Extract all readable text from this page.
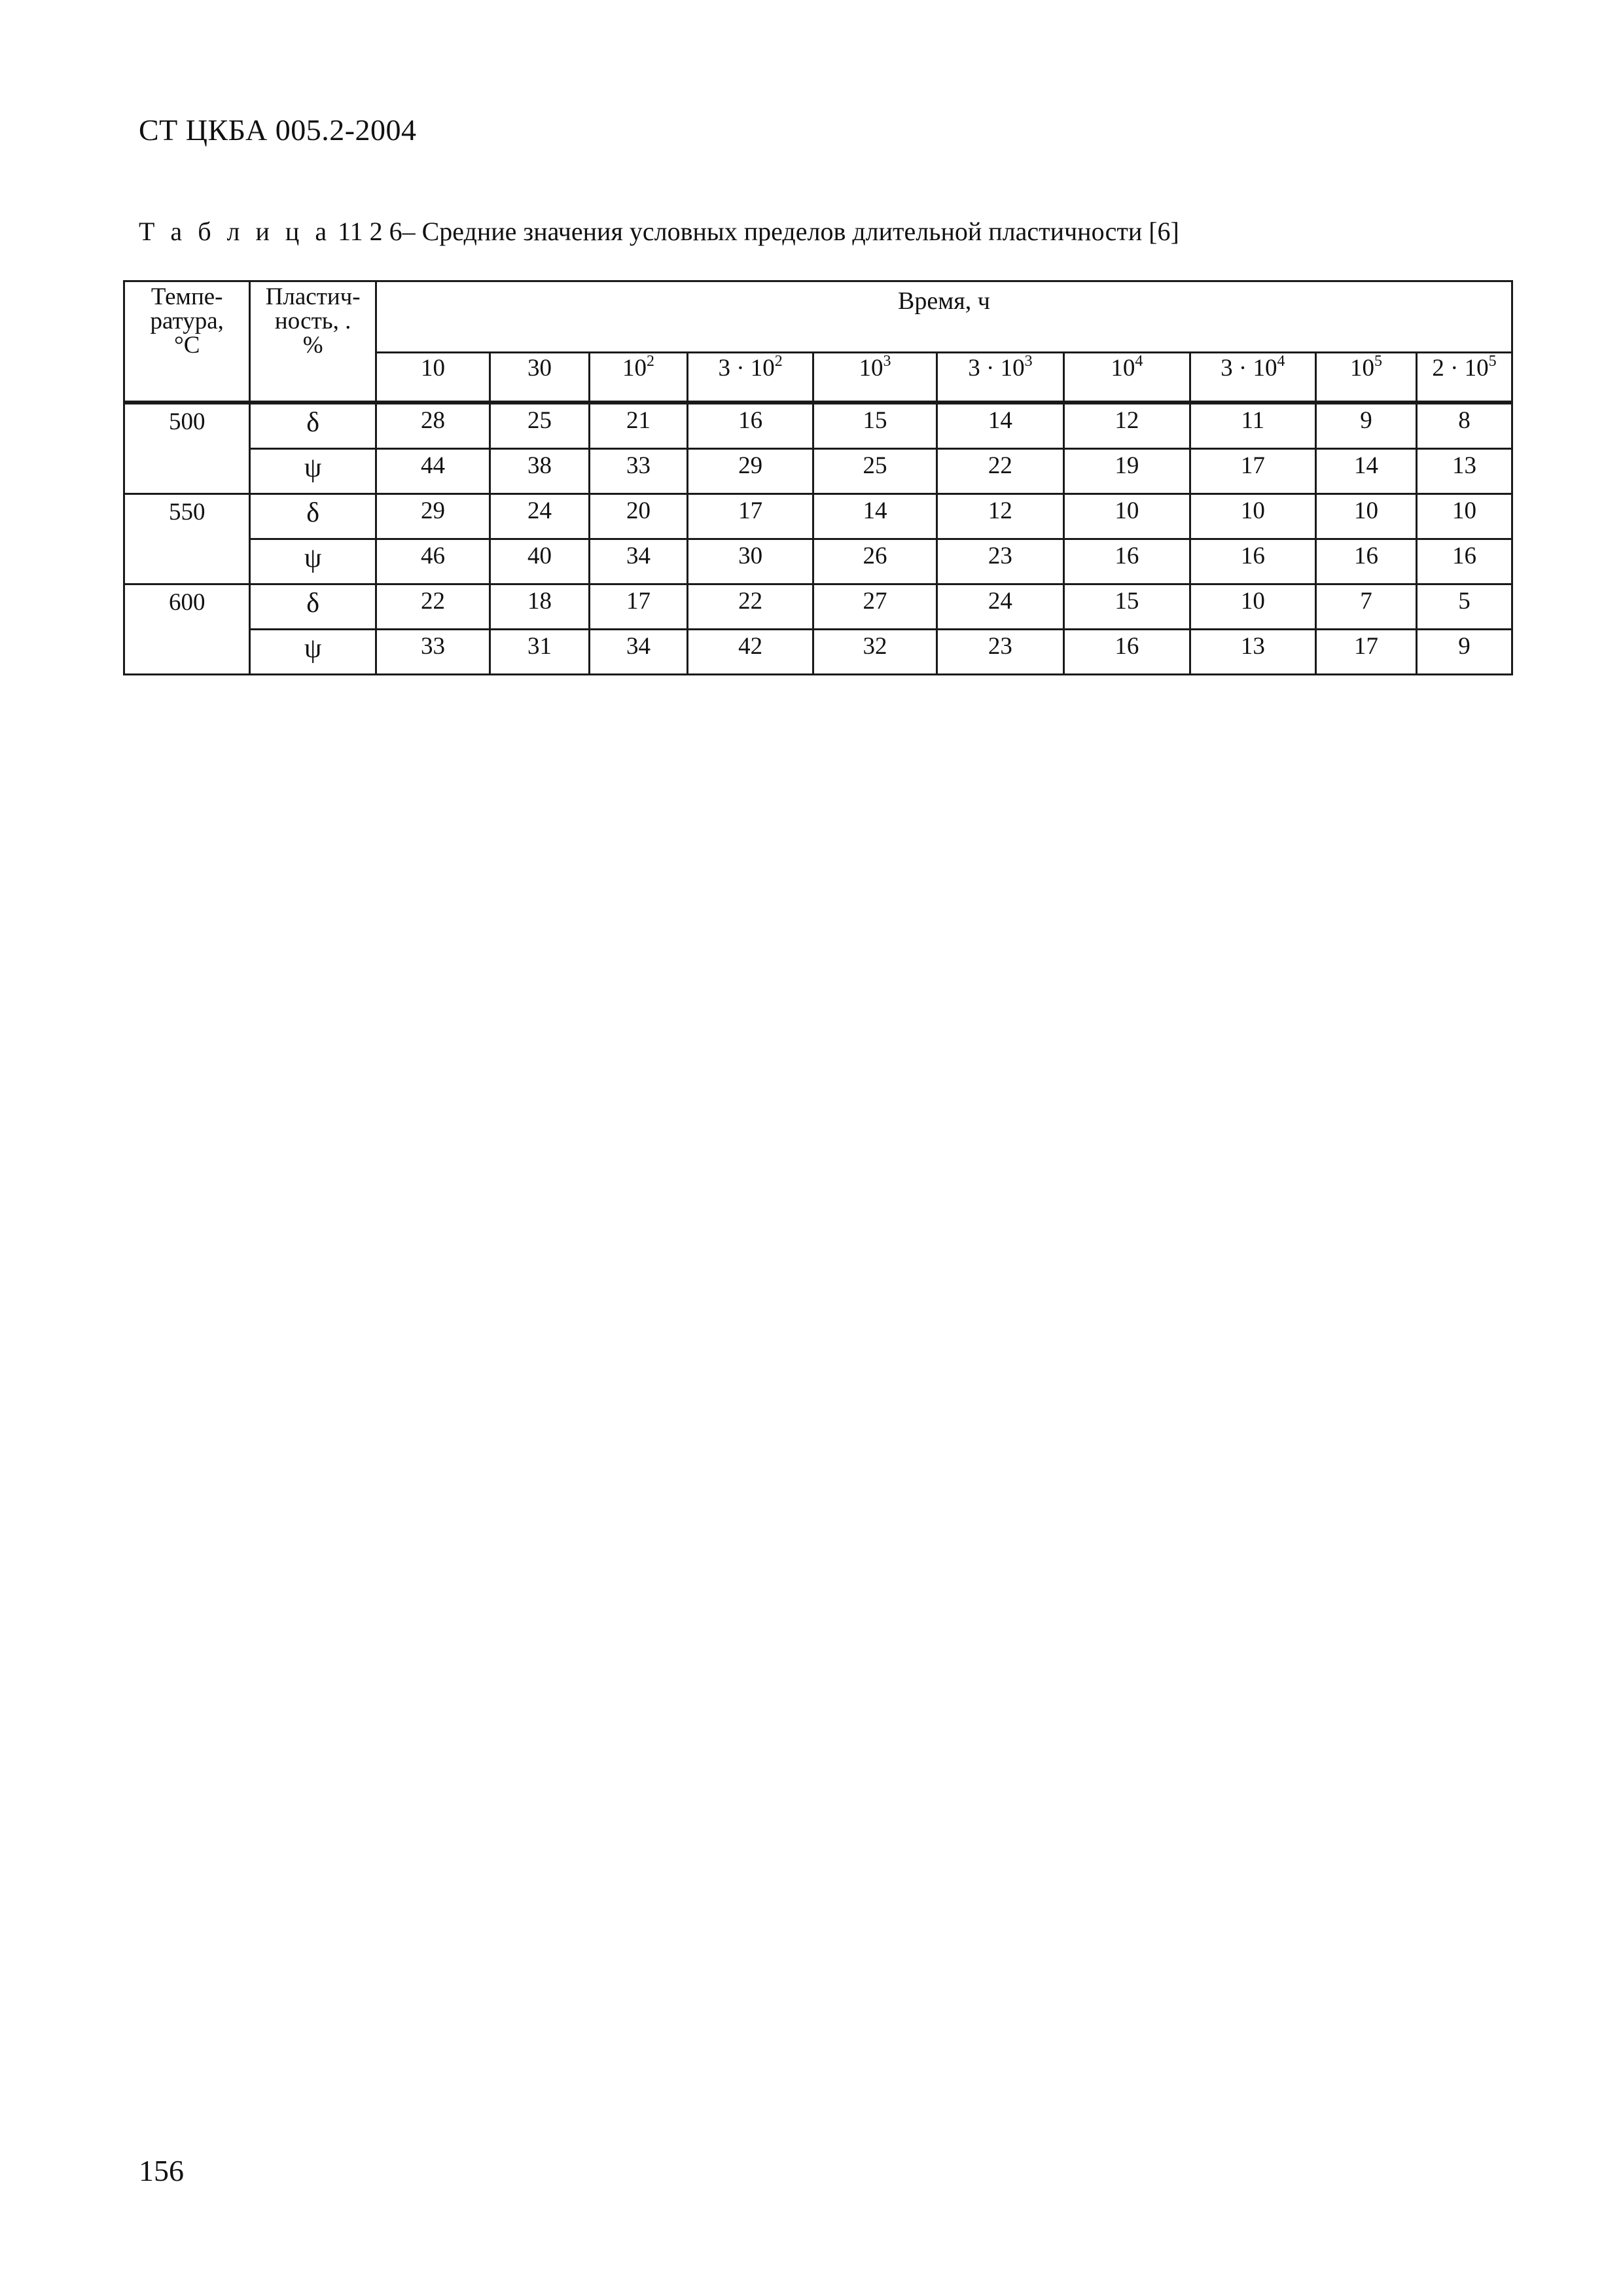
СТ ЦКБА 005.2-2004
Т а б л и ц а 11 2 6– Средние значения условных пределов длительной пластичности [6]
Темпе-
ратура,
°С	Пластич-
ность, .
%	Время, ч									
		10	30	$10^2$	$3 \cdot 10^2$	$10^3$	$3 \cdot 10^3$	$10^4$	$3 \cdot 10^4$	$10^5$	$2 \cdot 10^5$

500	δ	28	25	21	16	15	14	12	11	9	8
	ψ	44	38	33	29	25	22	19	17	14	13
550	δ	29	24	20	17	14	12	10	10	10	10
	ψ	46	40	34	30	26	23	16	16	16	16
600	δ	22	18	17	22	27	24	15	10	7	5
	ψ	33	31	34	42	32	23	16	13	17	9
156
